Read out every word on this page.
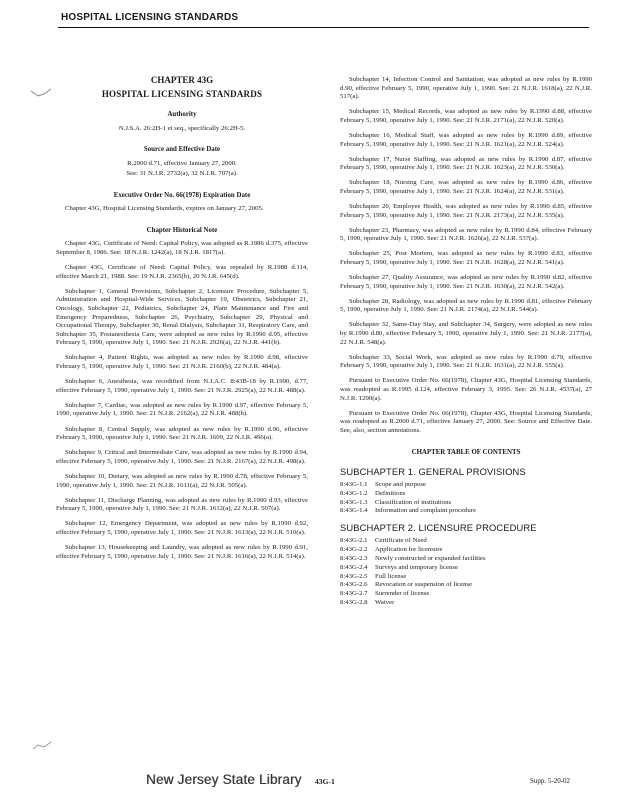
HOSPITAL LICENSING STANDARDS
CHAPTER 43G
HOSPITAL LICENSING STANDARDS
Authority

N.J.S.A. 26:2H-1 et seq., specifically 26:2H-5.

Source and Effective Date

R.2000 d.71, effective January 27, 2000.

See: 31 N.J.R. 2732(a), 32 N.J.R. 707(a).

Executive Order No. 66(1978) Expiration Date

Chapter 43G, Hospital Licensing Standards, expires on January 27, 2005.

Chapter Historical Note

Chapter 43G, Certificate of Need: Capital Policy, was adopted as R.1986 d.375, effective September 8, 1986. See: 18 N.J.R. 1242(a), 18 N.J.R. 1817(a).

Chapter 43G, Certificate of Need: Capital Policy, was repealed by R.1988 d.114, effective March 21, 1988. See: 19 N.J.R. 2365(b), 20 N.J.R. 645(d).

Subchapter 1, General Provisions, Subchapter 2, Licensure Procedure, Subchapter 5, Administration and Hospital-Wide Services, Subchapter 19, Obstetrics, Subchapter 21, Oncology, Subchapter 22, Pediatrics, Subchapter 24, Plant Maintenance and Fire and Emergency Preparedness, Subchapter 26, Psychiatry, Subchapter 29, Physical and Occupational Therapy, Subchapter 30, Renal Dialysis, Subchapter 31, Respiratory Care, and Subchapter 35, Postanesthesia Care, were adopted as new rules by R.1990 d.95, effective February 5, 1990, operative July 1, 1990. See: 21 N.J.R. 2926(a), 22 N.J.R. 441(b).

Subchapter 4, Patient Rights, was adopted as new rules by R.1990 d.98, effective February 5, 1990, operative July 1, 1990. See: 21 N.J.R. 2160(b), 22 N.J.R. 484(a).

Subchapter 6, Anesthesia, was recodified from N.J.A.C. 8:43B-18 by R.1990, d.77, effective February 5, 1990, operative July 1, 1990. See: 21 N.J.R. 2925(a), 22 N.J.R. 488(a).

Subchapter 7, Cardiac, was adopted as new rules by R.1990 d.97, effective February 5, 1990, operative July 1, 1990. See: 21 N.J.R. 2162(a), 22 N.J.R. 488(b).

Subchapter 8, Central Supply, was adopted as new rules by R.1990 d.96, effective February 5, 1990, operative July 1, 1990. See: 21 N.J.R. 1609, 22 N.J.R. 496(a).

Subchapter 9, Critical and Intermediate Care, was adopted as new rules by R.1990 d.94, effective February 5, 1990, operative July 1, 1990. See: 21 N.J.R. 2167(a), 22 N.J.R. 498(a).

Subchapter 10, Dietary, was adopted as new rules by R.1990 d.78, effective February 5, 1990, operative July 1, 1990. See: 21 N.J.R. 1611(a), 22 N.J.R. 505(a).

Subchapter 11, Discharge Planning, was adopted as new rules by R.1990 d.93, effective February 5, 1990, operative July 1, 1990. See: 21 N.J.R. 1612(a), 22 N.J.R. 507(a).

Subchapter 12, Emergency Department, was adopted as new rules by R.1990 d.92, effective February 5, 1990, operative July 1, 1990. See: 21 N.J.R. 1613(a), 22 N.J.R. 510(a).

Subchapter 13, Housekeeping and Laundry, was adopted as new rules by R.1990 d.91, effective February 5, 1990, operative July 1, 1990. See: 21 N.J.R. 1616(a), 22 N.J.R. 514(a).

Subchapter 14, Infection Control and Sanitation, was adopted as new rules by R.1990 d.90, effective February 5, 1990, operative July 1, 1990. See: 21 N.J.R. 1618(a), 22 N.J.R. 517(a).

Subchapter 15, Medical Records, was adopted as new rules by R.1990 d.88, effective February 5, 1990, operative July 1, 1990. See: 21 N.J.R. 2171(a), 22 N.J.R. 520(a).

Subchapter 16, Medical Staff, was adopted as new rules by R.1990 d.89, effective February 5, 1990, operative July 1, 1990. See: 21 N.J.R. 1621(a), 22 N.J.R. 524(a).

Subchapter 17, Nurse Staffing, was adopted as new rules by R.1990 d.87, effective February 5, 1990, operative July 1, 1990. See: 21 N.J.R. 1623(a), 22 N.J.R. 530(a).

Subchapter 18, Nursing Care, was adopted as new rules by R.1990 d.86, effective February 5, 1990, operative July 1, 1990. See: 21 N.J.R. 1624(a), 22 N.J.R. 531(a).

Subchapter 20, Employee Health, was adopted as new rules by R.1990 d.85, effective February 5, 1990, operative July 1, 1990. See: 21 N.J.R. 2173(a), 22 N.J.R. 535(a).

Subchapter 23, Pharmacy, was adopted as new rules by R.1990 d.84, effective February 5, 1990, operative July 1, 1990. See: 21 N.J.R. 1626(a), 22 N.J.R. 537(a).

Subchapter 25, Post Mortem, was adopted as new rules by R.1990 d.83, effective February 5, 1990, operative July 1, 1990. See: 21 N.J.R. 1628(a), 22 N.J.R. 541(a).

Subchapter 27, Quality Assurance, was adopted as new rules by R.1990 d.82, effective February 5, 1990, operative July 1, 1990. See: 21 N.J.R. 1630(a), 22 N.J.R. 542(a).

Subchapter 28, Radiology, was adopted as new rules by R.1990 d.81, effective February 5, 1990, operative July 1, 1990. See: 21 N.J.R. 2174(a), 22 N.J.R. 544(a).

Subchapter 32, Same-Day Stay, and Subchapter 34, Surgery, were adopted as new rules by R.1990 d.80, effective February 5, 1990, operative July 1, 1990. See: 21 N.J.R. 2177(a), 22 N.J.R. 548(a).

Subchapter 33, Social Work, was adopted as new rules by R.1990 d.79, effective February 5, 1990, operative July 1, 1990. See: 21 N.J.R. 1631(a), 22 N.J.R. 555(a).

Pursuant to Executive Order No. 66(1978), Chapter 43G, Hospital Licensing Standards, was readopted as R.1995 d.124, effective February 3, 1995. See: 26 N.J.R. 4537(a), 27 N.J.R. 1290(a).

Pursuant to Executive Order No. 66(1978), Chapter 43G, Hospital Licensing Standards, was readopted as R.2000 d.71, effective January 27, 2000. See: Source and Effective Date. See, also, section annotations.

CHAPTER TABLE OF CONTENTS
SUBCHAPTER 1. GENERAL PROVISIONS
8:43G-1.1	Scope and purpose
8:43G-1.2	Definitions
8:43G-1.3	Classification of institutions
8:43G-1.4	Information and complaint procedure
SUBCHAPTER 2. LICENSURE PROCEDURE
8:43G-2.1	Certificate of Need
8:43G-2.2	Application for licensure
8:43G-2.3	Newly constructed or expanded facilities
8:43G-2.4	Surveys and temporary license
8:43G-2.5	Full license
8:43G-2.6	Revocation or suspension of license
8:43G-2.7	Surrender of license
8:43G-2.8	Waiver
New Jersey State Library 43G-1	Supp. 5-20-02
